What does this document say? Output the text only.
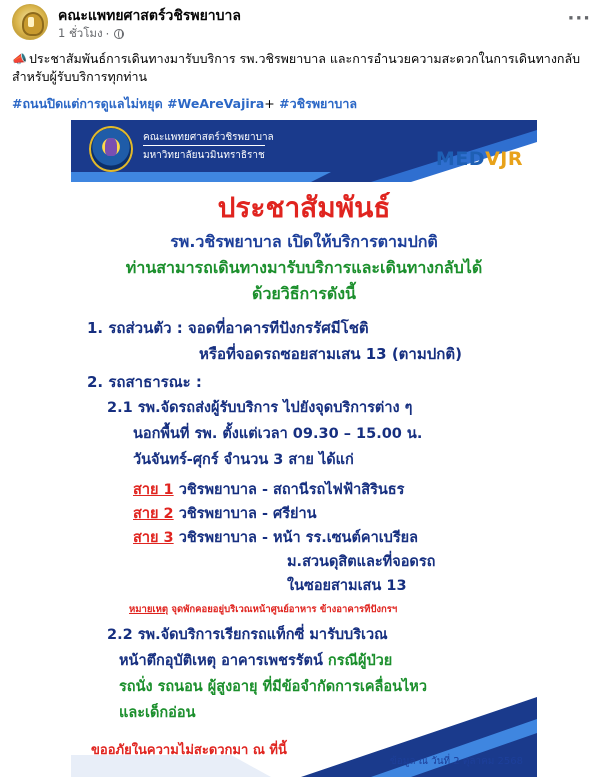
คณะแพทยศาสตร์วชิรพยาบาล
1 ชั่วโมง ·
···
📣 ประชาสัมพันธ์การเดินทางมารับบริการ รพ.วชิรพยาบาล และการอำนวยความสะดวกในการเดินทางกลับสำหรับผู้รับบริการทุกท่าน
#ถนนปิดแต่การดูแลไม่หยุด #WeAreVajira+ #วชิรพยาบาล
คณะแพทยศาสตร์วชิรพยาบาล
มหาวิทยาลัยนวมินทราธิราช	MEDVJR
ประชาสัมพันธ์
รพ.วชิรพยาบาล เปิดให้บริการตามปกติ
ท่านสามารถเดินทางมารับบริการและเดินทางกลับได้
ด้วยวิธีการดังนี้
1. รถส่วนตัว : จอดที่อาคารทีปังกรรัศมีโชติ
หรือที่จอดรถซอยสามเสน 13 (ตามปกติ)
2. รถสาธารณะ :
2.1 รพ.จัดรถส่งผู้รับบริการ ไปยังจุดบริการต่าง ๆ
นอกพื้นที่ รพ. ตั้งแต่เวลา 09.30 – 15.00 น.
วันจันทร์-ศุกร์ จำนวน 3 สาย ได้แก่
สาย 1 วชิรพยาบาล - สถานีรถไฟฟ้าสิรินธร
สาย 2 วชิรพยาบาล - ศรีย่าน
สาย 3 วชิรพยาบาล - หน้า รร.เซนต์คาเบรียล
ม.สวนดุสิตและที่จอดรถ
ในซอยสามเสน 13
หมายเหตุ จุดพักคอยอยู่บริเวณหน้าศูนย์อาหาร ข้างอาคารทีปังกรฯ
2.2 รพ.จัดบริการเรียกรถแท็กซี่ มารับบริเวณ
หน้าตึกอุบัติเหตุ อาคารเพชรรัตน์ กรณีผู้ป่วย
รถนั่ง รถนอน ผู้สูงอายุ ที่มีข้อจำกัดการเคลื่อนไหว
และเด็กอ่อน
ขออภัยในความไม่สะดวกมา ณ ที่นี้
ข้อมูล ณ วันที่ 2 ตุลาคม 2568
